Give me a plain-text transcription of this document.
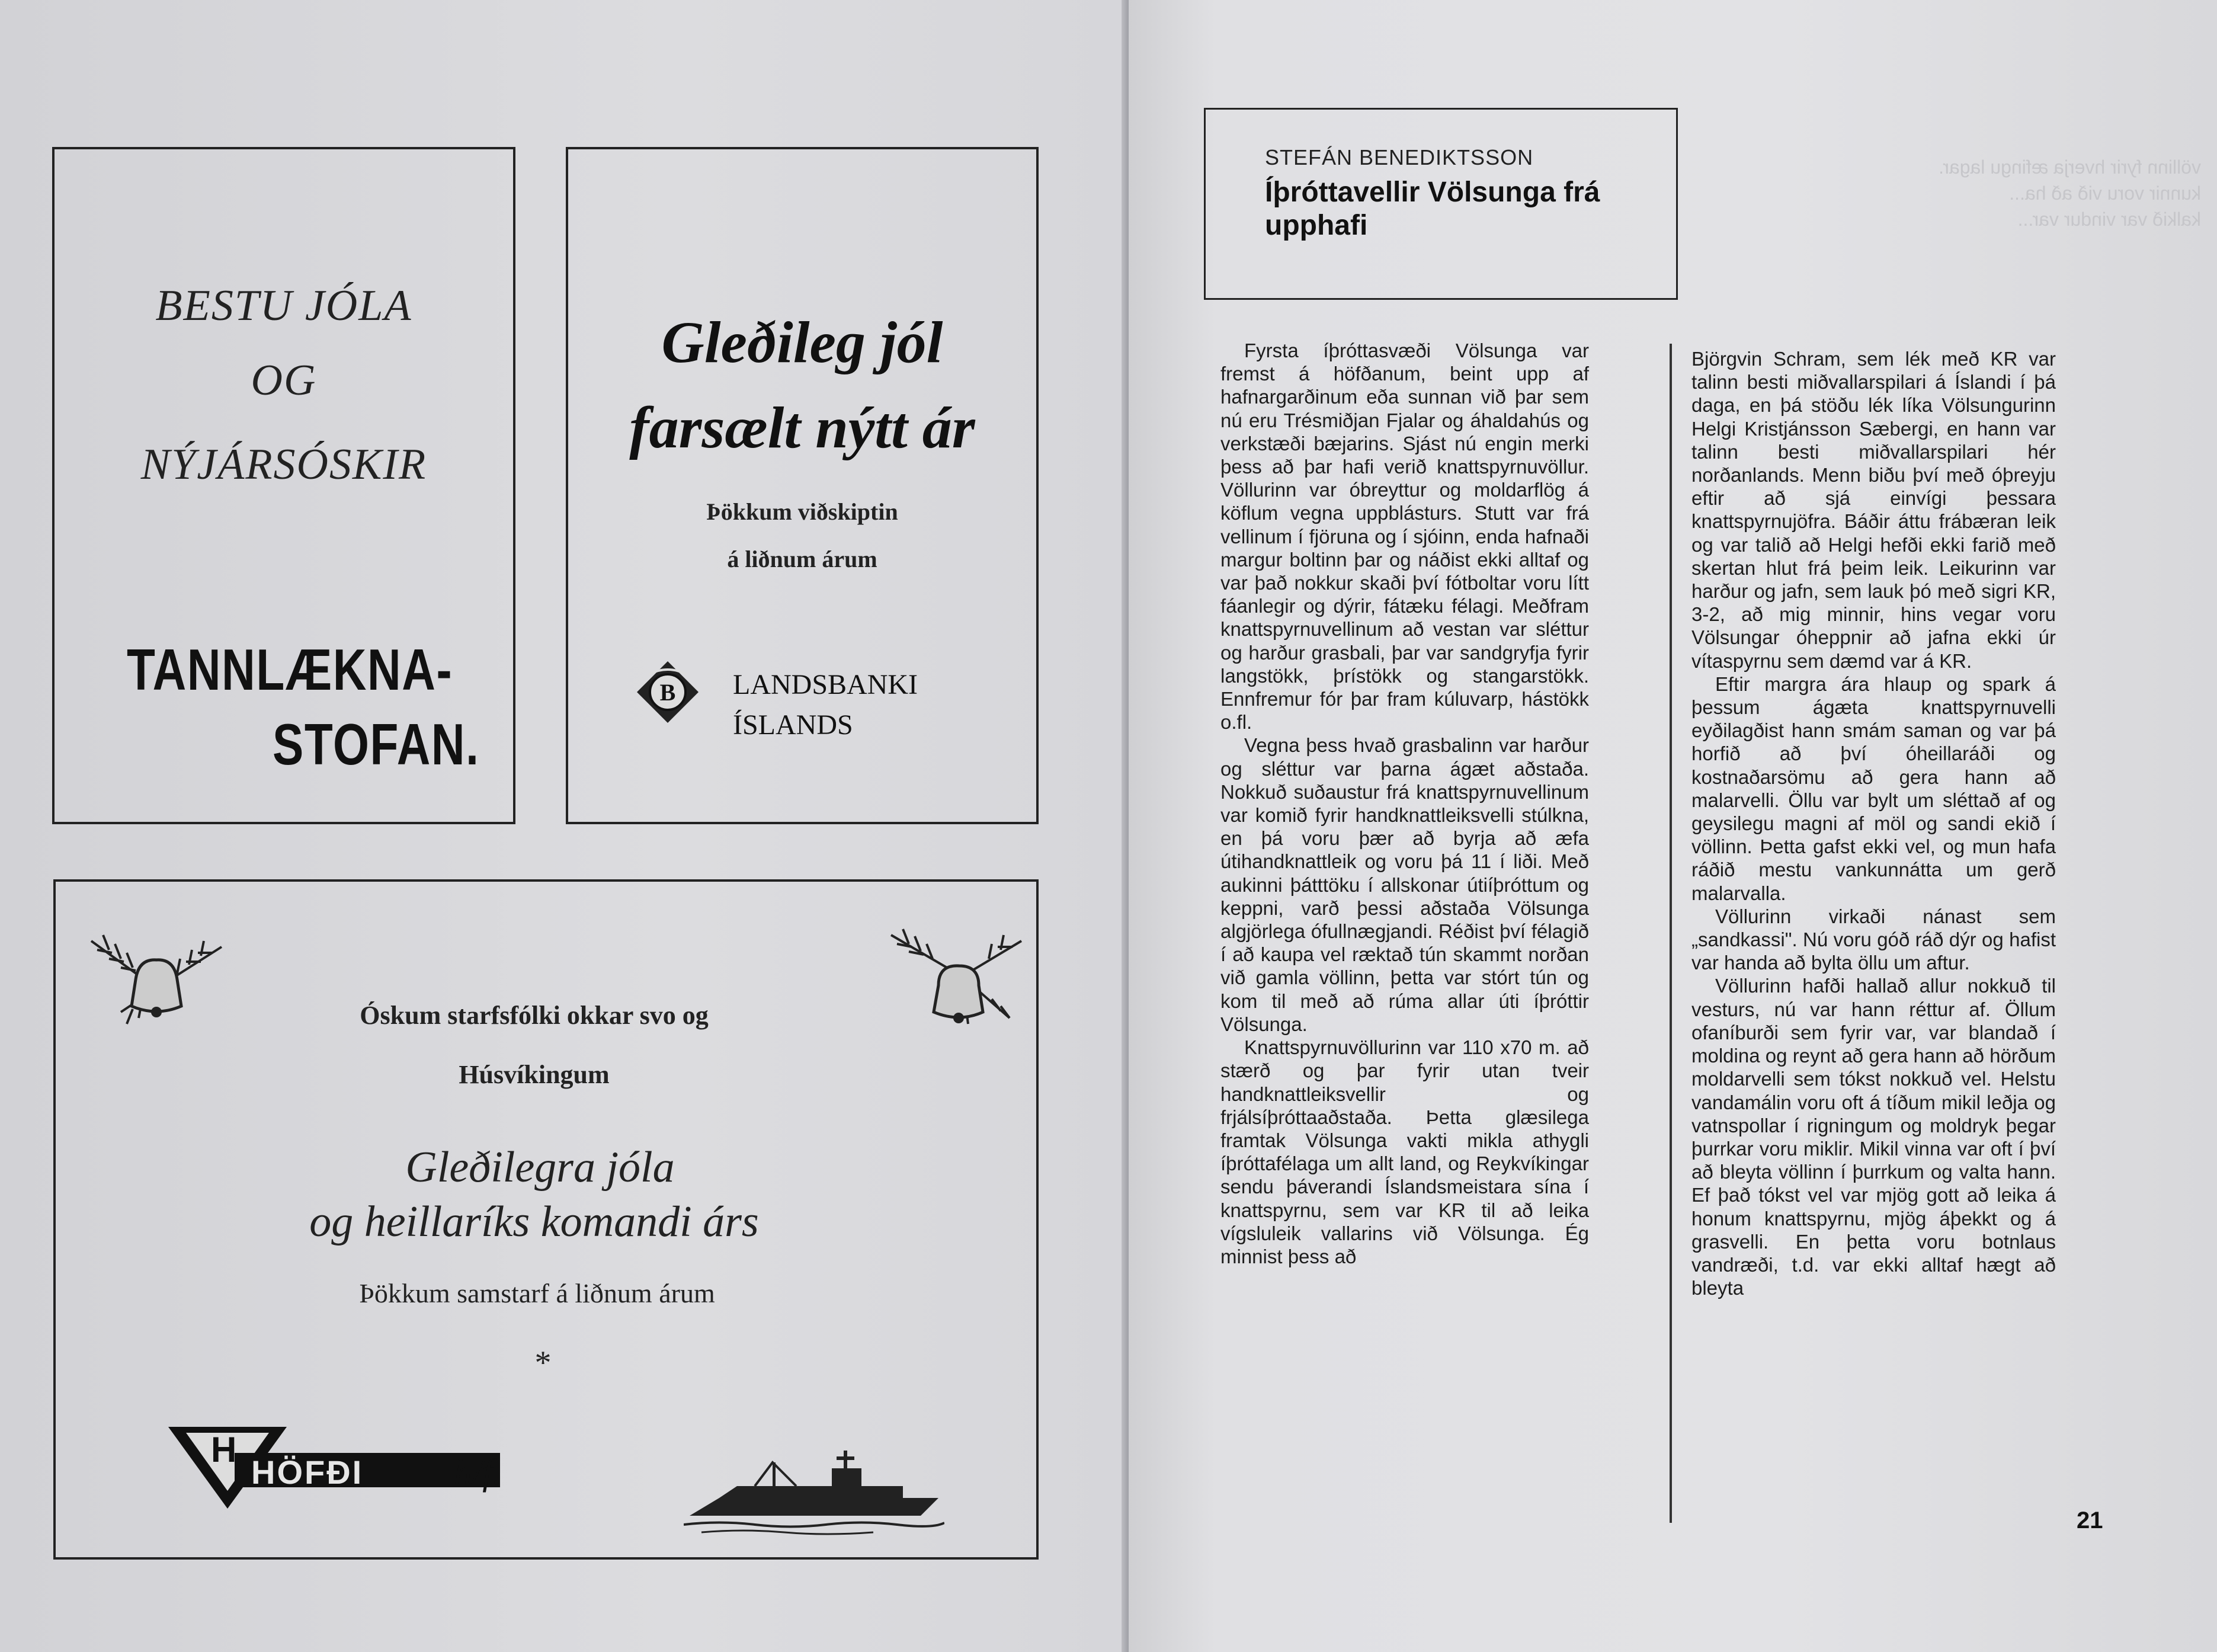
BESTU JÓLA
OG
NÝJÁRSÓSKIR
TANNLÆKNA-
STOFAN.
Gleðileg jól
farsælt nýtt ár
Þökkum viðskiptin
á liðnum árum
B LANDSBANKI
ÍSLANDS
Óskum starfsfólki okkar svo og
Húsvíkingum
Gleðilegra jóla
og heillaríks komandi árs
Þökkum samstarf á liðnum árum
*
H
HÖFÐI h/f.
völlinn fyrir hverja æfingu lagar.
kunnir voru við að ha...
kalkið var vindur var...
STEFÁN BENEDIKTSSON
Íþróttavellir Völsunga frá upphafi

Fyrsta íþróttasvæði Völsunga var fremst á höfðanum, beint upp af hafnargarðinum eða sunnan við þar sem nú eru Trésmiðjan Fjalar og áhaldahús og verkstæði bæjarins. Sjást nú engin merki þess að þar hafi verið knattspyrnuvöllur. Völlurinn var óbreyttur og moldarflög á köflum vegna uppblásturs. Stutt var frá vellinum í fjöruna og í sjóinn, enda hafnaði margur boltinn þar og náðist ekki alltaf og var það nokkur skaði því fótboltar voru lítt fáanlegir og dýrir, fátæku félagi. Meðfram knattspyrnuvellinum að vestan var sléttur og harður grasbali, þar var sandgryfja fyrir langstökk, þrístökk og stangarstökk. Ennfremur fór þar fram kúluvarp, hástökk o.fl.

Vegna þess hvað grasbalinn var harður og sléttur var þarna ágæt aðstaða. Nokkuð suðaustur frá knattspyrnuvellinum var komið fyrir handknattleiksvelli stúlkna, en þá voru þær að byrja að æfa útihandknattleik og voru þá 11 í liði. Með aukinni þátttöku í allskonar útiíþróttum og keppni, varð þessi aðstaða Völsunga algjörlega ófullnægjandi. Réðist því félagið í að kaupa vel ræktað tún skammt norðan við gamla völlinn, þetta var stórt tún og kom til með að rúma allar úti íþróttir Völsunga.

Knattspyrnuvöllurinn var 110 x70 m. að stærð og þar fyrir utan tveir handknattleiksvellir og frjálsíþróttaaðstaða. Þetta glæsilega framtak Völsunga vakti mikla athygli íþróttafélaga um allt land, og Reykvíkingar sendu þáverandi Íslandsmeistara sína í knattspyrnu, sem var KR til að leika vígsluleik vallarins við Völsunga. Ég minnist þess að

Björgvin Schram, sem lék með KR var talinn besti miðvallarspilari á Íslandi í þá daga, en þá stöðu lék líka Völsungurinn Helgi Kristjánsson Sæbergi, en hann var talinn besti miðvallarspilari hér norðanlands. Menn biðu því með óþreyju eftir að sjá einvígi þessara knattspyrnujöfra. Báðir áttu frábæran leik og var talið að Helgi hefði ekki farið með skertan hlut frá þeim leik. Leikurinn var harður og jafn, sem lauk þó með sigri KR, 3-2, að mig minnir, hins vegar voru Völsungar óheppnir að jafna ekki úr vítaspyrnu sem dæmd var á KR.

Eftir margra ára hlaup og spark á þessum ágæta knattspyrnuvelli eyðilagðist hann smám saman og var þá horfið að því óheillaráði og kostnaðarsömu að gera hann að malarvelli. Öllu var bylt um sléttað af og geysilegu magni af möl og sandi ekið í völlinn. Þetta gafst ekki vel, og mun hafa ráðið mestu vankunnátta um gerð malarvalla.

Völlurinn virkaði nánast sem „sandkassi". Nú voru góð ráð dýr og hafist var handa að bylta öllu um aftur.

Völlurinn hafði hallað allur nokkuð til vesturs, nú var hann réttur af. Öllum ofaníburði sem fyrir var, var blandað í moldina og reynt að gera hann að hörðum moldarvelli sem tókst nokkuð vel. Helstu vandamálin voru oft á tíðum mikil leðja og vatnspollar í rigningum og moldryk þegar þurrkar voru miklir. Mikil vinna var oft í því að bleyta völlinn í þurrkum og valta hann. Ef það tókst vel var mjög gott að leika á honum knattspyrnu, mjög áþekkt og á grasvelli. En þetta voru botnlaus vandræði, t.d. var ekki alltaf hægt að bleyta

21
